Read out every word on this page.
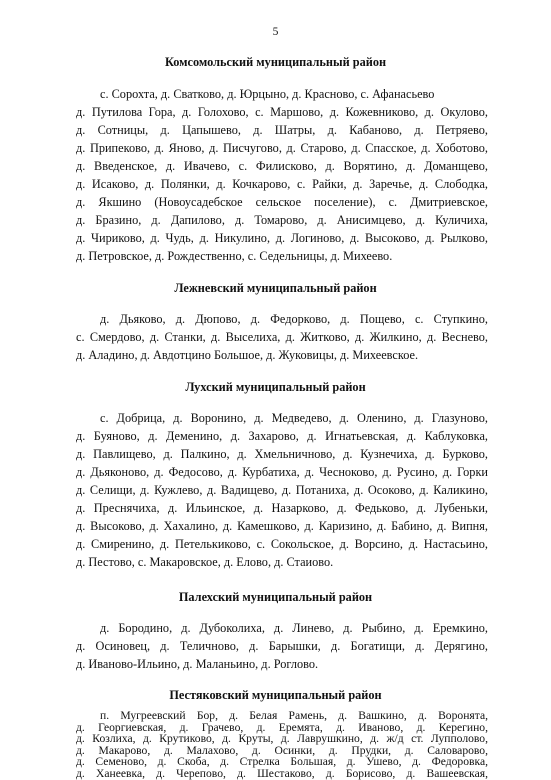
5
Комсомольский муниципальный район
с. Сорохта, д. Сватково, д. Юрцыно, д. Красново, с. Афанасьево
д. Путилова Гора, д. Голохово, с. Маршово, д. Кожевниково, д. Окулово,
д. Сотницы, д. Цапышево, д. Шатры, д. Кабаново, д. Петряево,
д. Припеково, д. Яново, д. Писчугово, д. Старово, д. Спасское, д. Хоботово,
д. Введенское, д. Ивачево, с. Филисково, д. Ворятино, д. Доманщево,
д. Исаково, д. Полянки, д. Кочкарово, с. Райки, д. Заречье, д. Слободка,
д. Якшино (Новоусадебское сельское поселение), с. Дмитриевское,
д. Бразино, д. Дапилово, д. Томарово, д. Анисимцево, д. Куличиха,
д. Чириково, д. Чудь, д. Никулино, д. Логиново, д. Высоково, д. Рылково,
д. Петровское, д. Рождественно, с. Седельницы, д. Михеево.
Лежневский муниципальный район
д. Дьяково, д. Дюпово, д. Федорково, д. Пощево, с. Ступкино,
с. Смердово, д. Станки, д. Выселиха, д. Житково, д. Жилкино, д. Веснево,
д. Аладино, д. Авдотцино Большое, д. Жуковицы, д. Михеевское.
Лухский муниципальный район
с. Добрица, д. Воронино, д. Медведево, д. Оленино, д. Глазуново,
д. Буяново, д. Деменино, д. Захарово, д. Игнатьевская, д. Каблуковка,
д. Павлищево, д. Палкино, д. Хмельничново, д. Кузнечиха, д. Бурково,
д. Дьяконово, д. Федосово, д. Курбатиха, д. Чесноково, д. Русино, д. Горки
д. Селищи, д. Кужлево, д. Вадищево, д. Потаниха, д. Осоково, д. Каликино,
д. Преснячиха, д. Ильинское, д. Назарково, д. Федьково, д. Лубеньки,
д. Высоково, д. Хахалино, д. Камешково, д. Каризино, д. Бабино, д. Випня,
д. Смиренино, д. Петелькиково, с. Сокольское, д. Ворсино, д. Настасьино,
д. Пестово, с. Макаровское, д. Елово, д. Стаиово.
Палехский муниципальный район
д. Бородино, д. Дубоколиха, д. Линево, д. Рыбино, д. Еремкино,
д. Осиновец, д. Теличново, д. Барышки, д. Богатищи, д. Дерягино,
д. Иваново-Ильино, д. Маланьино, д. Роглово.
Пестяковский муниципальный район
п. Мугреевский Бор, д. Белая Рамень, д. Вашкино, д. Воронята,
д. Георгиевская, д. Грачево, д. Еремята, д. Иваново, д. Керегино,
д. Козлиха, д. Крутиково, д. Круты, д. Лаврушкино, д. ж/д ст. Лупполово,
д. Макарово, д. Малахово, д. Осинки, д. Прудки, д. Саловарово,
д. Семеново, д. Скоба, д. Стрелка Большая, д. Ушево, д. Федоровка,
д. Ханеевка, д. Черепово, д. Шестаково, д. Борисово, д. Вашеевская,
